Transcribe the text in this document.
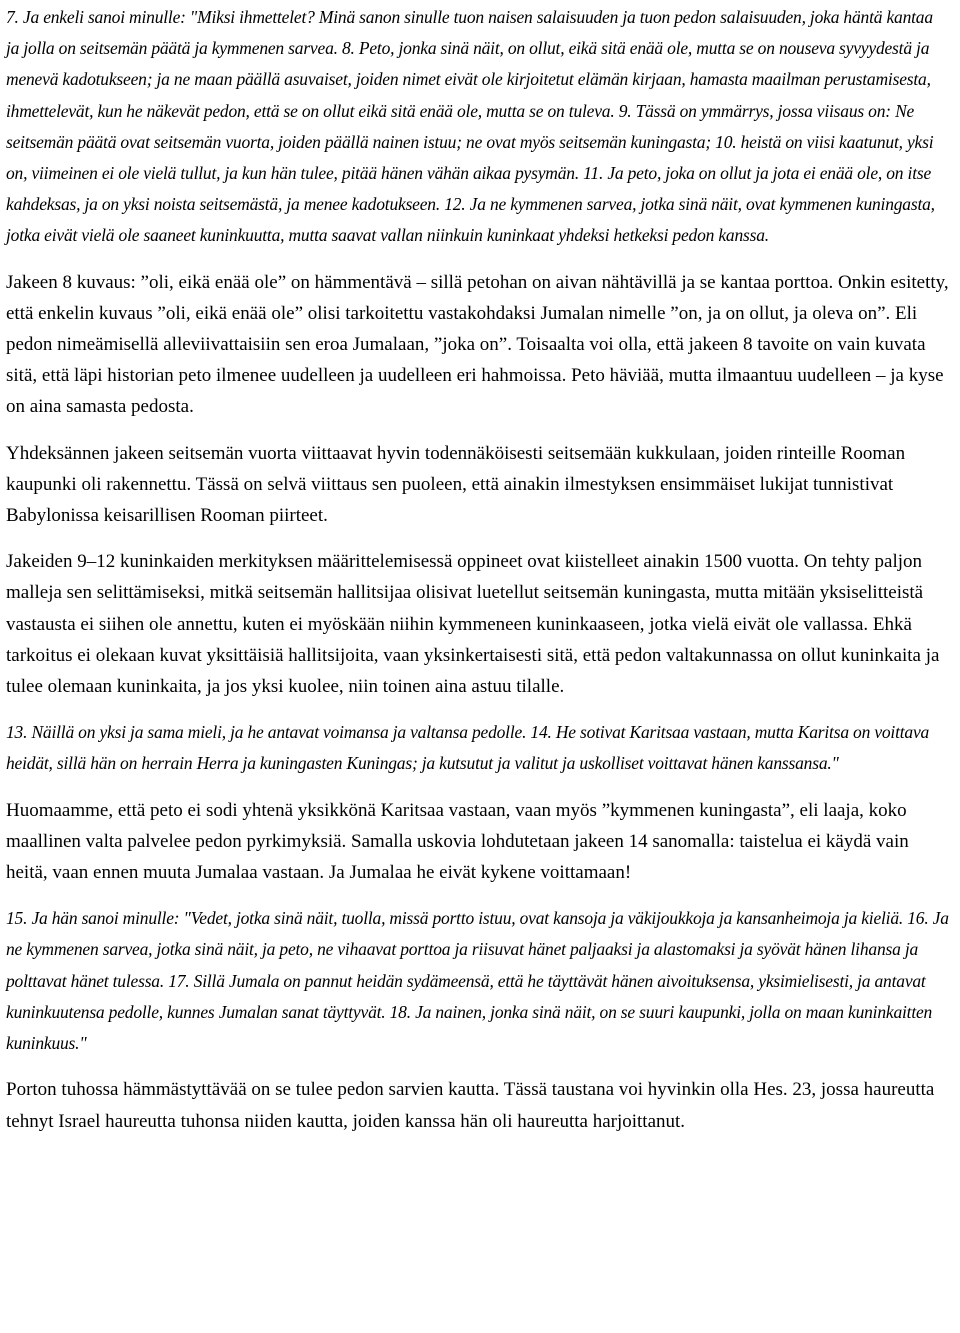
7. Ja enkeli sanoi minulle: "Miksi ihmettelet? Minä sanon sinulle tuon naisen salaisuuden ja tuon pedon salaisuuden, joka häntä kantaa ja jolla on seitsemän päätä ja kymmenen sarvea. 8. Peto, jonka sinä näit, on ollut, eikä sitä enää ole, mutta se on nouseva syvyydestä ja menevä kadotukseen; ja ne maan päällä asuvaiset, joiden nimet eivät ole kirjoitetut elämän kirjaan, hamasta maailman perustamisesta, ihmettelevät, kun he näkevät pedon, että se on ollut eikä sitä enää ole, mutta se on tuleva. 9. Tässä on ymmärrys, jossa viisaus on: Ne seitsemän päätä ovat seitsemän vuorta, joiden päällä nainen istuu; ne ovat myös seitsemän kuningasta; 10. heistä on viisi kaatunut, yksi on, viimeinen ei ole vielä tullut, ja kun hän tulee, pitää hänen vähän aikaa pysymän. 11. Ja peto, joka on ollut ja jota ei enää ole, on itse kahdeksas, ja on yksi noista seitsemästä, ja menee kadotukseen. 12. Ja ne kymmenen sarvea, jotka sinä näit, ovat kymmenen kuningasta, jotka eivät vielä ole saaneet kuninkuutta, mutta saavat vallan niinkuin kuninkaat yhdeksi hetkeksi pedon kanssa.

Jakeen 8 kuvaus: ”oli, eikä enää ole” on hämmentävä – sillä petohan on aivan nähtävillä ja se kantaa porttoa. Onkin esitetty, että enkelin kuvaus ”oli, eikä enää ole” olisi tarkoitettu vastakohdaksi Jumalan nimelle ”on, ja on ollut, ja oleva on”. Eli pedon nimeämisellä alleviivattaisiin sen eroa Jumalaan, ”joka on”. Toisaalta voi olla, että jakeen 8 tavoite on vain kuvata sitä, että läpi historian peto ilmenee uudelleen ja uudelleen eri hahmoissa. Peto häviää, mutta ilmaantuu uudelleen – ja kyse on aina samasta pedosta.

Yhdeksännen jakeen seitsemän vuorta viittaavat hyvin todennäköisesti seitsemään kukkulaan, joiden rinteille Rooman kaupunki oli rakennettu. Tässä on selvä viittaus sen puoleen, että ainakin ilmestyksen ensimmäiset lukijat tunnistivat Babylonissa keisarillisen Rooman piirteet.

Jakeiden 9–12 kuninkaiden merkityksen määrittelemisessä oppineet ovat kiistelleet ainakin 1500 vuotta. On tehty paljon malleja sen selittämiseksi, mitkä seitsemän hallitsijaa olisivat luetellut seitsemän kuningasta, mutta mitään yksiselitteistä vastausta ei siihen ole annettu, kuten ei myöskään niihin kymmeneen kuninkaaseen, jotka vielä eivät ole vallassa. Ehkä tarkoitus ei olekaan kuvat yksittäisiä hallitsijoita, vaan yksinkertaisesti sitä, että pedon valtakunnassa on ollut kuninkaita ja tulee olemaan kuninkaita, ja jos yksi kuolee, niin toinen aina astuu tilalle.

13. Näillä on yksi ja sama mieli, ja he antavat voimansa ja valtansa pedolle. 14. He sotivat Karitsaa vastaan, mutta Karitsa on voittava heidät, sillä hän on herrain Herra ja kuningasten Kuningas; ja kutsutut ja valitut ja uskolliset voittavat hänen kanssansa."

Huomaamme, että peto ei sodi yhtenä yksikkönä Karitsaa vastaan, vaan myös ”kymmenen kuningasta”, eli laaja, koko maallinen valta palvelee pedon pyrkimyksiä. Samalla uskovia lohdutetaan jakeen 14 sanomalla: taistelua ei käydä vain heitä, vaan ennen muuta Jumalaa vastaan. Ja Jumalaa he eivät kykene voittamaan!

15. Ja hän sanoi minulle: "Vedet, jotka sinä näit, tuolla, missä portto istuu, ovat kansoja ja väkijoukkoja ja kansanheimoja ja kieliä. 16. Ja ne kymmenen sarvea, jotka sinä näit, ja peto, ne vihaavat porttoa ja riisuvat hänet paljaaksi ja alastomaksi ja syövät hänen lihansa ja polttavat hänet tulessa. 17. Sillä Jumala on pannut heidän sydämeensä, että he täyttävät hänen aivoituksensa, yksimielisesti, ja antavat kuninkuutensa pedolle, kunnes Jumalan sanat täyttyvät. 18. Ja nainen, jonka sinä näit, on se suuri kaupunki, jolla on maan kuninkaitten kuninkuus."

Porton tuhossa hämmästyttävää on se tulee pedon sarvien kautta. Tässä taustana voi hyvinkin olla Hes. 23, jossa haureutta tehnyt Israel haureutta tuhonsa niiden kautta, joiden kanssa hän oli haureutta harjoittanut.
